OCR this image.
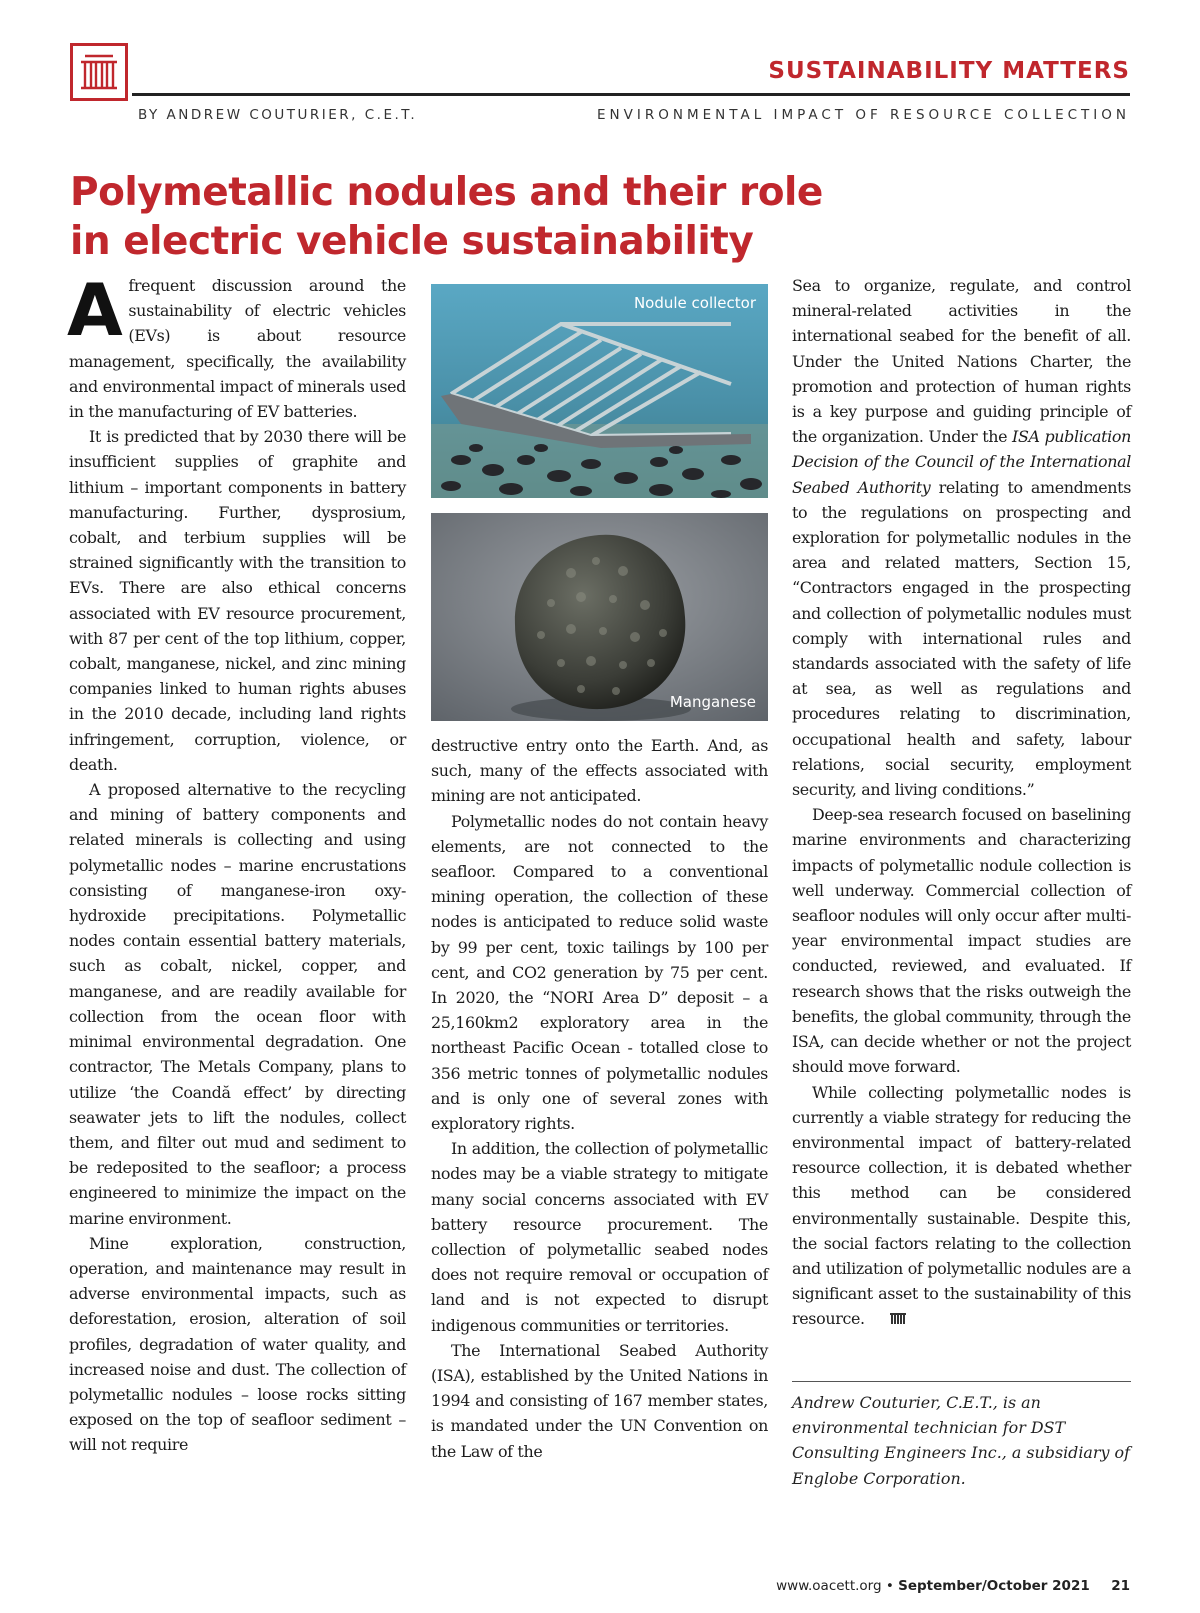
SUSTAINABILITY MATTERS
BY ANDREW COUTURIER, C.E.T.	ENVIRONMENTAL IMPACT OF RESOURCE COLLECTION
Polymetallic nodules and their role in electric vehicle sustainability

Afrequent discussion around the sustainability of electric vehicles (EVs) is about resource management, specifically, the availability and environmental impact of minerals used in the manufacturing of EV batteries.

It is predicted that by 2030 there will be insufficient supplies of graphite and lithium – important components in battery manufacturing. Further, dysprosium, cobalt, and terbium supplies will be strained significantly with the transition to EVs. There are also ethical concerns associated with EV resource procurement, with 87 per cent of the top lithium, copper, cobalt, manganese, nickel, and zinc mining companies linked to human rights abuses in the 2010 decade, including land rights infringement, corruption, violence, or death.

A proposed alternative to the recycling and mining of battery components and related minerals is collecting and using polymetallic nodes – marine encrustations consisting of manganese-iron oxy-hydroxide precipitations. Polymetallic nodes contain essential battery materials, such as cobalt, nickel, copper, and manganese, and are readily available for collection from the ocean floor with minimal environmental degradation. One contractor, The Metals Company, plans to utilize ‘the Coandă effect’ by directing seawater jets to lift the nodules, collect them, and filter out mud and sediment to be redeposited to the seafloor; a process engineered to minimize the impact on the marine environment.

Mine exploration, construction, operation, and maintenance may result in adverse environmental impacts, such as deforestation, erosion, alteration of soil profiles, degradation of water quality, and increased noise and dust. The collection of polymetallic nodules – loose rocks sitting exposed on the top of seafloor sediment – will not require

Nodule collector
Manganese

destructive entry onto the Earth. And, as such, many of the effects associated with mining are not anticipated.

Polymetallic nodes do not contain heavy elements, are not connected to the seafloor. Compared to a conventional mining operation, the collection of these nodes is anticipated to reduce solid waste by 99 per cent, toxic tailings by 100 per cent, and CO2 generation by 75 per cent. In 2020, the “NORI Area D” deposit – a 25,160km2 exploratory area in the northeast Pacific Ocean - totalled close to 356 metric tonnes of polymetallic nodules and is only one of several zones with exploratory rights.

In addition, the collection of polymetallic nodes may be a viable strategy to mitigate many social concerns associated with EV battery resource procurement. The collection of polymetallic seabed nodes does not require removal or occupation of land and is not expected to disrupt indigenous communities or territories.

The International Seabed Authority (ISA), established by the United Nations in 1994 and consisting of 167 member states, is mandated under the UN Convention on the Law of the

Sea to organize, regulate, and control mineral-related activities in the international seabed for the benefit of all. Under the United Nations Charter, the promotion and protection of human rights is a key purpose and guiding principle of the organization. Under the ISA publication Decision of the Council of the International Seabed Authority relating to amendments to the regulations on prospecting and exploration for polymetallic nodules in the area and related matters, Section 15, “Contractors engaged in the prospecting and collection of polymetallic nodules must comply with international rules and standards associated with the safety of life at sea, as well as regulations and procedures relating to discrimination, occupational health and safety, labour relations, social security, employment security, and living conditions.”

Deep-sea research focused on baselining marine environments and characterizing impacts of polymetallic nodule collection is well underway. Commercial collection of seafloor nodules will only occur after multi-year environmental impact studies are conducted, reviewed, and evaluated. If research shows that the risks outweigh the benefits, the global community, through the ISA, can decide whether or not the project should move forward.

While collecting polymetallic nodes is currently a viable strategy for reducing the environmental impact of battery-related resource collection, it is debated whether this method can be considered environmentally sustainable. Despite this, the social factors relating to the collection and utilization of polymetallic nodules are a significant asset to the sustainability of this resource.

Andrew Couturier, C.E.T., is an environmental technician for DST Consulting Engineers Inc., a subsidiary of Englobe Corporation.

www.oacett.org • September/October 2021 21
